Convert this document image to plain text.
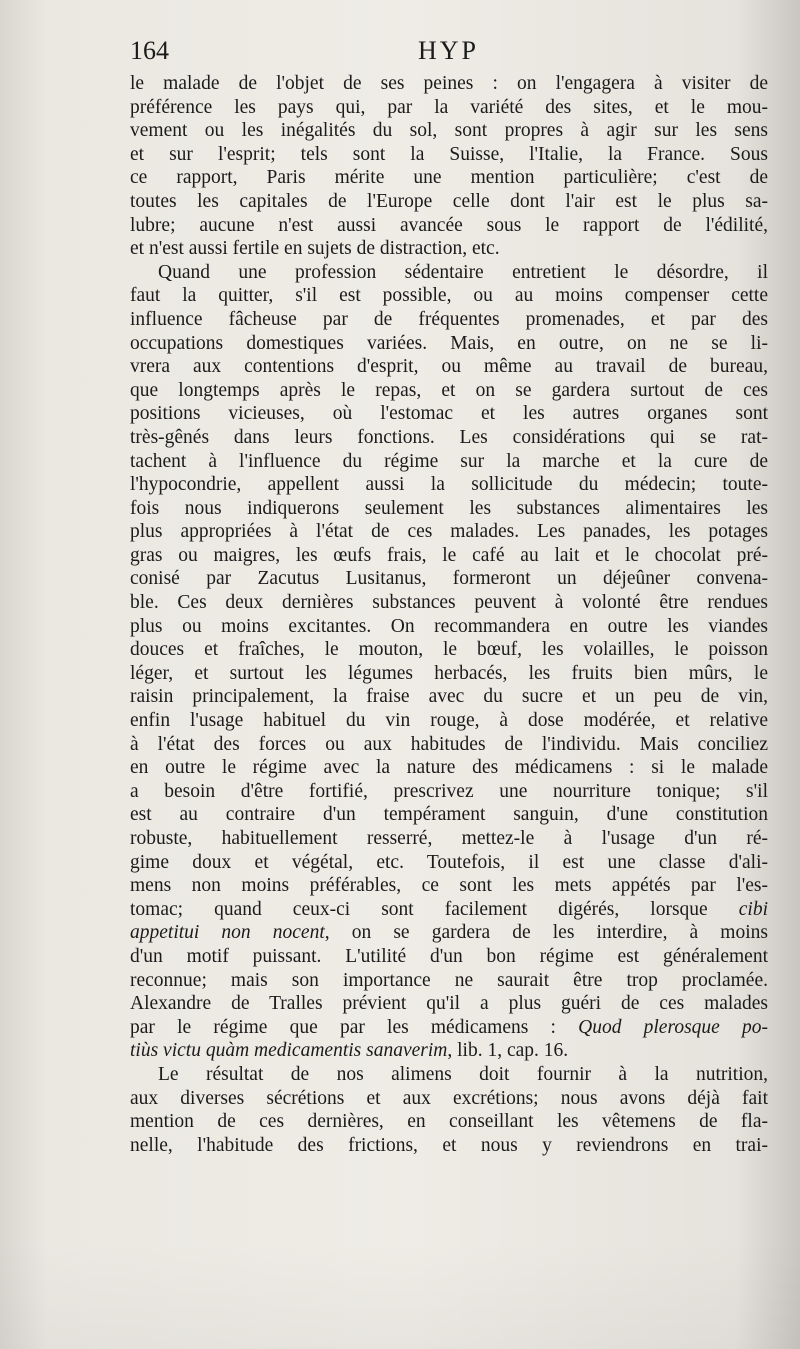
164	HYP
le malade de l'objet de ses peines : on l'engagera à visiter de
préférence les pays qui, par la variété des sites, et le mou-
vement ou les inégalités du sol, sont propres à agir sur les sens
et sur l'esprit; tels sont la Suisse, l'Italie, la France. Sous
ce rapport, Paris mérite une mention particulière; c'est de
toutes les capitales de l'Europe celle dont l'air est le plus sa-
lubre; aucune n'est aussi avancée sous le rapport de l'édilité,
et n'est aussi fertile en sujets de distraction, etc.
Quand une profession sédentaire entretient le désordre, il
faut la quitter, s'il est possible, ou au moins compenser cette
influence fâcheuse par de fréquentes promenades, et par des
occupations domestiques variées. Mais, en outre, on ne se li-
vrera aux contentions d'esprit, ou même au travail de bureau,
que longtemps après le repas, et on se gardera surtout de ces
positions vicieuses, où l'estomac et les autres organes sont
très-gênés dans leurs fonctions. Les considérations qui se rat-
tachent à l'influence du régime sur la marche et la cure de
l'hypocondrie, appellent aussi la sollicitude du médecin; toute-
fois nous indiquerons seulement les substances alimentaires les
plus appropriées à l'état de ces malades. Les panades, les potages
gras ou maigres, les œufs frais, le café au lait et le chocolat pré-
conisé par Zacutus Lusitanus, formeront un déjeûner convena-
ble. Ces deux dernières substances peuvent à volonté être rendues
plus ou moins excitantes. On recommandera en outre les viandes
douces et fraîches, le mouton, le bœuf, les volailles, le poisson
léger, et surtout les légumes herbacés, les fruits bien mûrs, le
raisin principalement, la fraise avec du sucre et un peu de vin,
enfin l'usage habituel du vin rouge, à dose modérée, et relative
à l'état des forces ou aux habitudes de l'individu. Mais conciliez
en outre le régime avec la nature des médicamens : si le malade
a besoin d'être fortifié, prescrivez une nourriture tonique; s'il
est au contraire d'un tempérament sanguin, d'une constitution
robuste, habituellement resserré, mettez-le à l'usage d'un ré-
gime doux et végétal, etc. Toutefois, il est une classe d'ali-
mens non moins préférables, ce sont les mets appétés par l'es-
tomac; quand ceux-ci sont facilement digérés, lorsque cibi
appetitui non nocent, on se gardera de les interdire, à moins
d'un motif puissant. L'utilité d'un bon régime est généralement
reconnue; mais son importance ne saurait être trop proclamée.
Alexandre de Tralles prévient qu'il a plus guéri de ces malades
par le régime que par les médicamens : Quod plerosque po-
tiùs victu quàm medicamentis sanaverim, lib. 1, cap. 16.
Le résultat de nos alimens doit fournir à la nutrition,
aux diverses sécrétions et aux excrétions; nous avons déjà fait
mention de ces dernières, en conseillant les vêtemens de fla-
nelle, l'habitude des frictions, et nous y reviendrons en trai-
